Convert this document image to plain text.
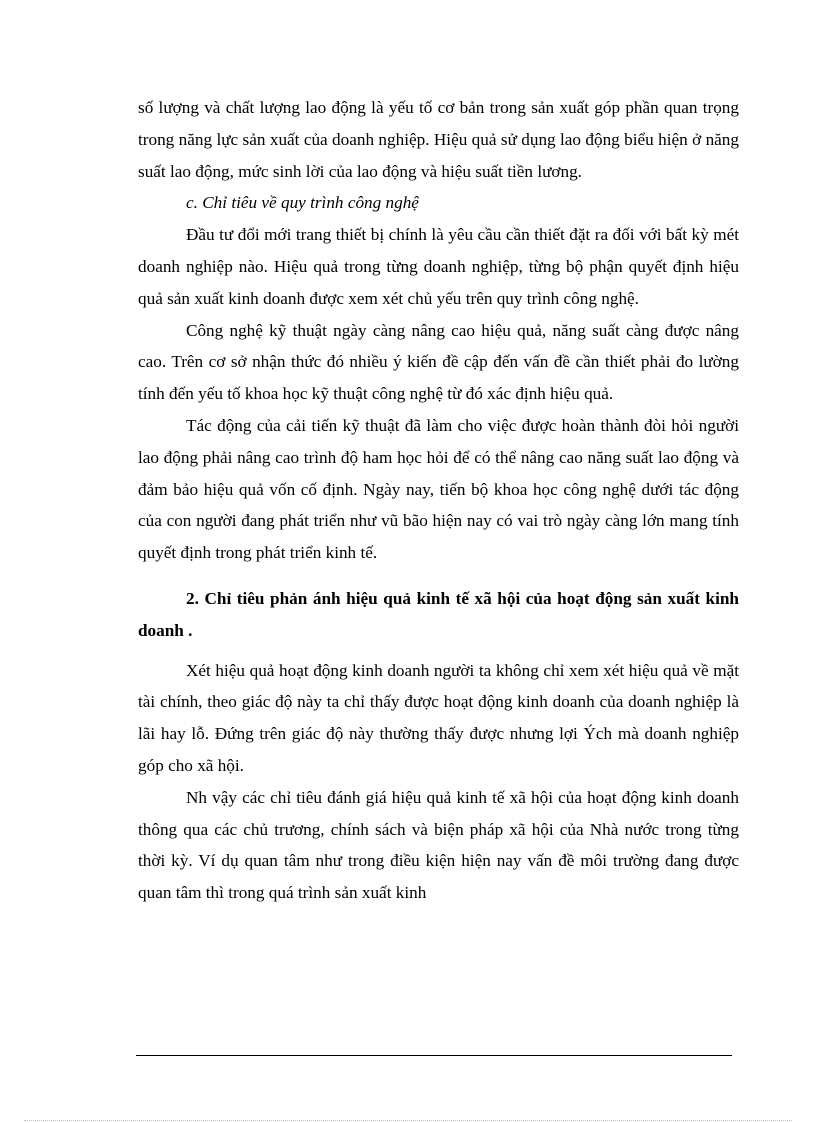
số lượng và chất lượng lao động là yếu tố cơ bản trong sản xuất góp phần quan trọng trong năng lực sản xuất của doanh nghiệp. Hiệu quả sử dụng lao động biểu hiện ở năng suất lao động, mức sinh lời của lao động và hiệu suất tiền lương.

c. Chỉ tiêu về quy trình công nghệ

Đầu tư đổi mới trang thiết bị chính là yêu cầu cần thiết đặt ra đối với bất kỳ mét doanh nghiệp nào. Hiệu quả trong từng doanh nghiệp, từng bộ phận quyết định hiệu quả sản xuất kinh doanh được xem xét chủ yếu trên quy trình công nghệ.

Công nghệ kỹ thuật ngày càng nâng cao hiệu quả, năng suất càng được nâng cao. Trên cơ sở nhận thức đó nhiều ý kiến đề cập đến vấn đề cần thiết phải đo lường tính đến yếu tố khoa học kỹ thuật công nghệ từ đó xác định hiệu quả.

Tác động của cải tiến kỹ thuật đã làm cho việc được hoàn thành đòi hỏi người lao động phải nâng cao trình độ ham học hỏi để có thể nâng cao năng suất lao động và đảm bảo hiệu quả vốn cố định. Ngày nay, tiến bộ khoa học công nghệ dưới tác động của con người đang phát triển như vũ bão hiện nay có vai trò ngày càng lớn mang tính quyết định trong phát triển kinh tế.

2. Chỉ tiêu phản ánh hiệu quả kinh tế xã hội của hoạt động sản xuất kinh doanh .

Xét hiệu quả hoạt động kinh doanh người ta không chỉ xem xét hiệu quả về mặt tài chính, theo giác độ này ta chỉ thấy được hoạt động kinh doanh của doanh nghiệp là lãi hay lỗ. Đứng trên giác độ này thường thấy được nhưng lợi Ých mà doanh nghiệp góp cho xã hội.

Nh vậy các chỉ tiêu đánh giá hiệu quả kinh tế xã hội của hoạt động kinh doanh thông qua các chủ trương, chính sách và biện pháp xã hội của Nhà nước trong từng thời kỳ. Ví dụ quan tâm như trong điều kiện hiện nay vấn đề môi trường đang được quan tâm thì trong quá trình sản xuất kinh
